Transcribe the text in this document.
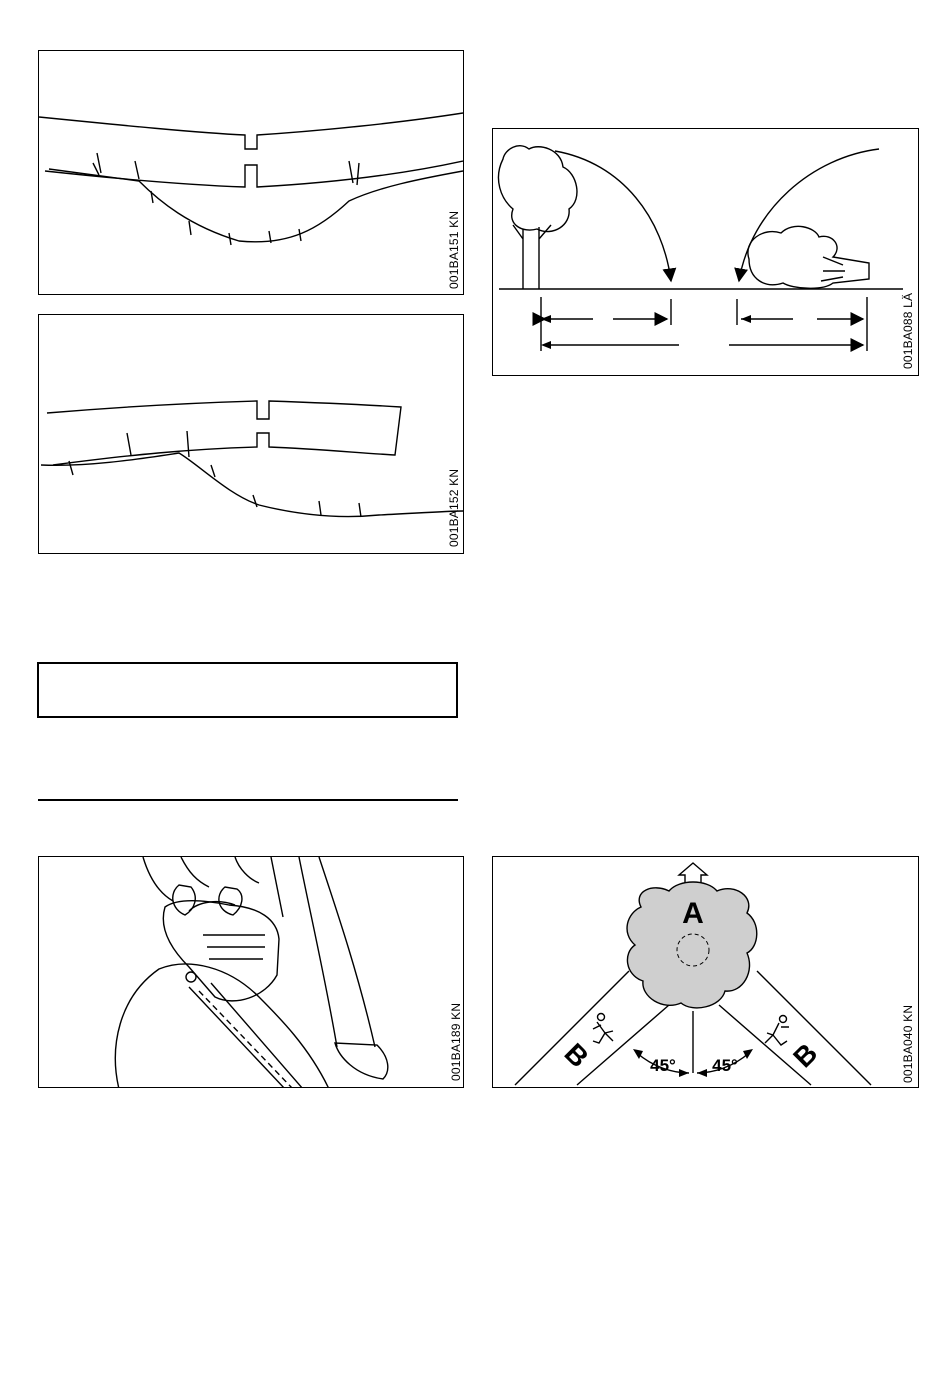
001BA151 KN
001BA152 KN
001BA088 LÄ
001BA189 KN
A
B	B
45° 45°	001BA040 KN
